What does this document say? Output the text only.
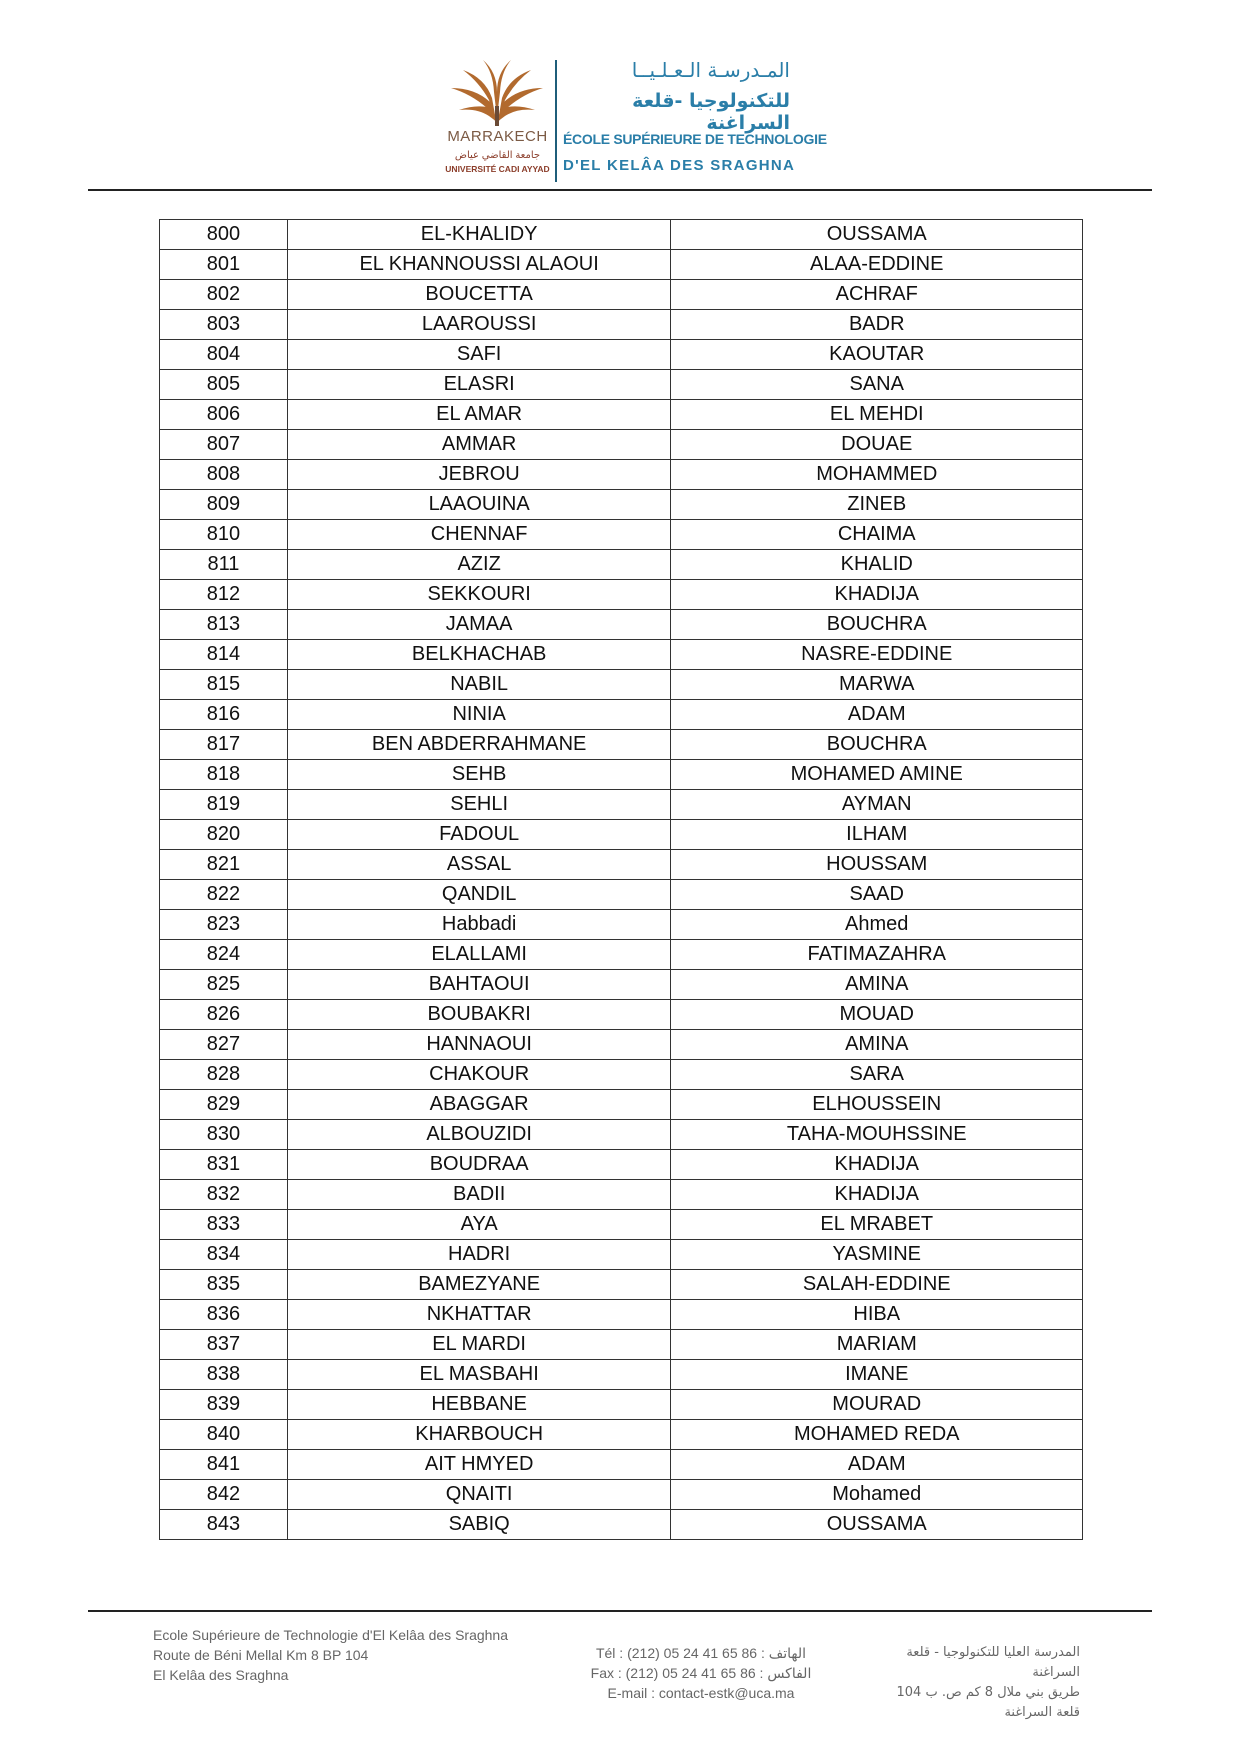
MARRAKECH
جامعة القاضي عياض
UNIVERSITÉ CADI AYYAD
المـدرسـة الـعـلـيــا
للتكنولوجيا -قلعة السراغنة
ÉCOLE SUPÉRIEURE DE TECHNOLOGIE
D'EL KELÂA DES SRAGHNA
800	EL-KHALIDY	OUSSAMA
801	EL KHANNOUSSI ALAOUI	ALAA-EDDINE
802	BOUCETTA	ACHRAF
803	LAAROUSSI	BADR
804	SAFI	KAOUTAR
805	ELASRI	SANA
806	EL AMAR	EL MEHDI
807	AMMAR	DOUAE
808	JEBROU	MOHAMMED
809	LAAOUINA	ZINEB
810	CHENNAF	CHAIMA
811	AZIZ	KHALID
812	SEKKOURI	KHADIJA
813	JAMAA	BOUCHRA
814	BELKHACHAB	NASRE-EDDINE
815	NABIL	MARWA
816	NINIA	ADAM
817	BEN ABDERRAHMANE	BOUCHRA
818	SEHB	MOHAMED AMINE
819	SEHLI	AYMAN
820	FADOUL	ILHAM
821	ASSAL	HOUSSAM
822	QANDIL	SAAD
823	Habbadi	Ahmed
824	ELALLAMI	FATIMAZAHRA
825	BAHTAOUI	AMINA
826	BOUBAKRI	MOUAD
827	HANNAOUI	AMINA
828	CHAKOUR	SARA
829	ABAGGAR	ELHOUSSEIN
830	ALBOUZIDI	TAHA-MOUHSSINE
831	BOUDRAA	KHADIJA
832	BADII	KHADIJA
833	AYA	EL MRABET
834	HADRI	YASMINE
835	BAMEZYANE	SALAH-EDDINE
836	NKHATTAR	HIBA
837	EL MARDI	MARIAM
838	EL MASBAHI	IMANE
839	HEBBANE	MOURAD
840	KHARBOUCH	MOHAMED REDA
841	AIT HMYED	ADAM
842	QNAITI	Mohamed
843	SABIQ	OUSSAMA
Ecole Supérieure de Technologie d'El Kelâa des Sraghna
Route de Béni Mellal Km 8 BP 104
El Kelâa des Sraghna
Tél : (212) 05 24 41 65 86 : الهاتف
Fax : (212) 05 24 41 65 86 : الفاكس
E-mail : contact-estk@uca.ma
المدرسة العليا للتكنولوجيا - قلعة السراغنة
طريق بني ملال 8 كم ص. ب 104
قلعة السراغنة
